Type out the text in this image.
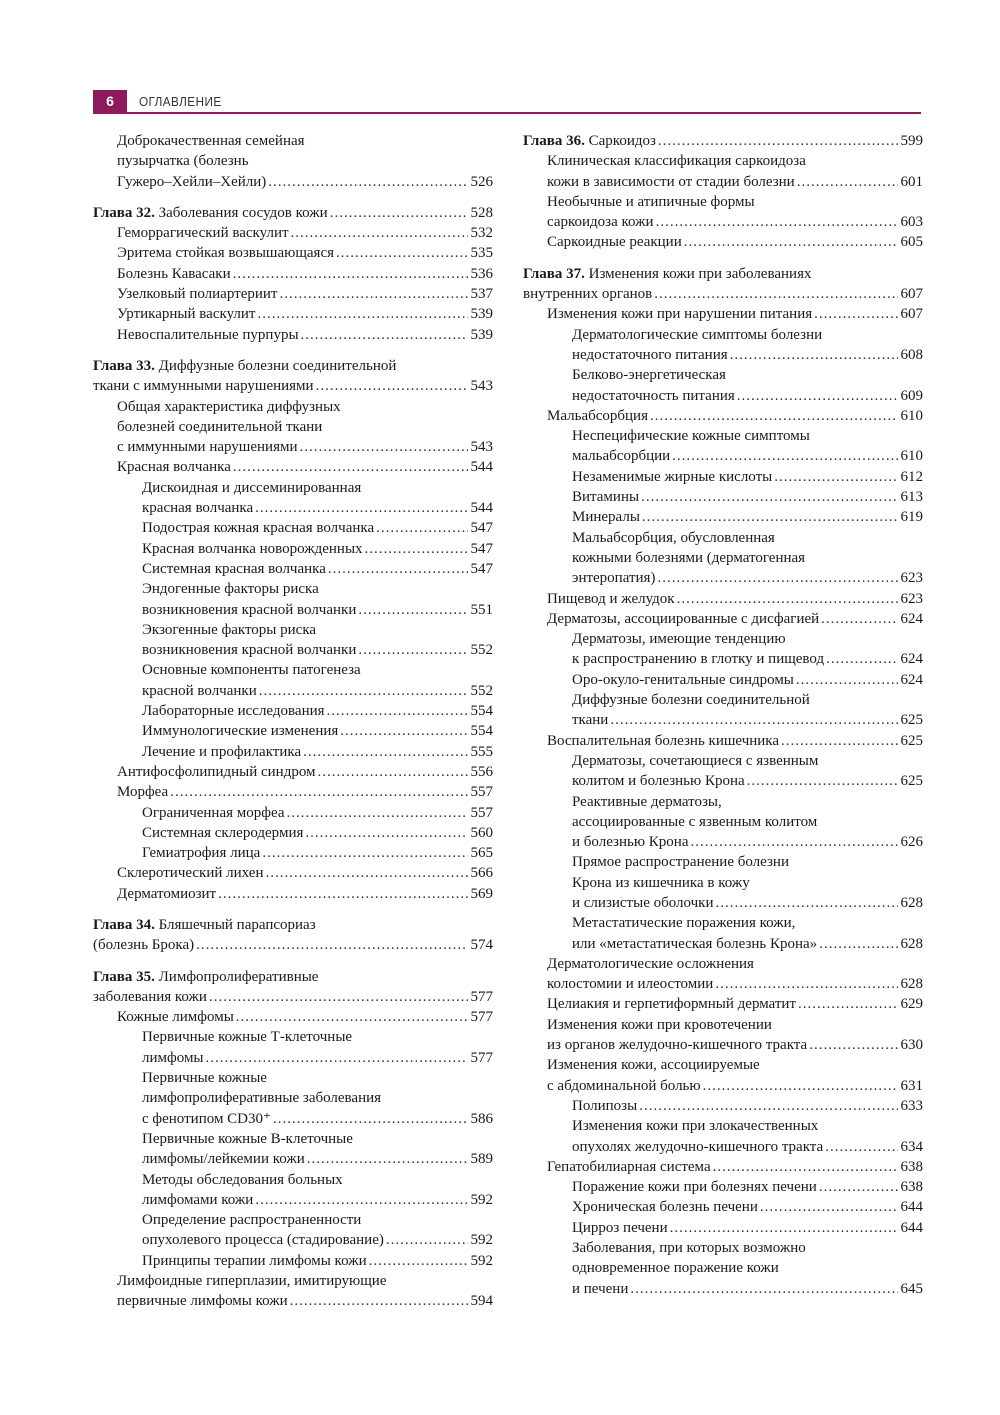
6	ОГЛАВЛЕНИЕ
Доброкачественная семейная
пузырчатка (болезнь
Гужеро–Хейли–Хейли) .....	526
Глава 32. Заболевания сосудов кожи .....	528
Геморрагический васкулит .....	532
Эритема стойкая возвышающаяся .....	535
Болезнь Кавасаки .....	536
Узелковый полиартериит .....	537
Уртикарный васкулит .....	539
Невоспалительные пурпуры .....	539
Глава 33. Диффузные болезни соединительной
ткани с иммунными нарушениями .....	543
Общая характеристика диффузных
болезней соединительной ткани
с иммунными нарушениями .....	543
Красная волчанка .....	544
Дискоидная и диссеминированная
красная волчанка .....	544
Подострая кожная красная волчанка .....	547
Красная волчанка новорожденных .....	547
Системная красная волчанка .....	547
Эндогенные факторы риска
возникновения красной волчанки .....	551
Экзогенные факторы риска
возникновения красной волчанки .....	552
Основные компоненты патогенеза
красной волчанки .....	552
Лабораторные исследования .....	554
Иммунологические изменения .....	554
Лечение и профилактика .....	555
Антифосфолипидный синдром .....	556
Морфеа .....	557
Ограниченная морфеа .....	557
Системная склеродермия .....	560
Гемиатрофия лица .....	565
Склеротический лихен .....	566
Дерматомиозит .....	569
Глава 34. Бляшечный парапсориаз
(болезнь Брока) .....	574
Глава 35. Лимфопролиферативные
заболевания кожи .....	577
Кожные лимфомы .....	577
Первичные кожные Т-клеточные
лимфомы .....	577
Первичные кожные
лимфопролиферативные заболевания
с фенотипом CD30⁺ .....	586
Первичные кожные В-клеточные
лимфомы/лейкемии кожи .....	589
Методы обследования больных
лимфомами кожи .....	592
Определение распространенности
опухолевого процесса (стадирование) .....	592
Принципы терапии лимфомы кожи .....	592
Лимфоидные гиперплазии, имитирующие
первичные лимфомы кожи .....	594
Глава 36. Саркоидоз .....	599
Клиническая классификация саркоидоза
кожи в зависимости от стадии болезни .....	601
Необычные и атипичные формы
саркоидоза кожи .....	603
Саркоидные реакции .....	605
Глава 37. Изменения кожи при заболеваниях
внутренних органов .....	607
Изменения кожи при нарушении питания .....	607
Дерматологические симптомы болезни
недостаточного питания .....	608
Белково-энергетическая
недостаточность питания .....	609
Мальабсорбция .....	610
Неспецифические кожные симптомы
мальабсорбции .....	610
Незаменимые жирные кислоты .....	612
Витамины .....	613
Минералы .....	619
Мальабсорбция, обусловленная
кожными болезнями (дерматогенная
энтеропатия) .....	623
Пищевод и желудок .....	623
Дерматозы, ассоциированные с дисфагией .....	624
Дерматозы, имеющие тенденцию
к распространению в глотку и пищевод .....	624
Оро-окуло-генитальные синдромы .....	624
Диффузные болезни соединительной
ткани .....	625
Воспалительная болезнь кишечника .....	625
Дерматозы, сочетающиеся с язвенным
колитом и болезнью Крона .....	625
Реактивные дерматозы,
ассоциированные с язвенным колитом
и болезнью Крона .....	626
Прямое распространение болезни
Крона из кишечника в кожу
и слизистые оболочки .....	628
Метастатические поражения кожи,
или «метастатическая болезнь Крона» .....	628
Дерматологические осложнения
колостомии и илеостомии .....	628
Целиакия и герпетиформный дерматит .....	629
Изменения кожи при кровотечении
из органов желудочно-кишечного тракта .....	630
Изменения кожи, ассоциируемые
с абдоминальной болью .....	631
Полипозы .....	633
Изменения кожи при злокачественных
опухолях желудочно-кишечного тракта .....	634
Гепатобилиарная система .....	638
Поражение кожи при болезнях печени .....	638
Хроническая болезнь печени .....	644
Цирроз печени .....	644
Заболевания, при которых возможно
одновременное поражение кожи
и печени .....	645
